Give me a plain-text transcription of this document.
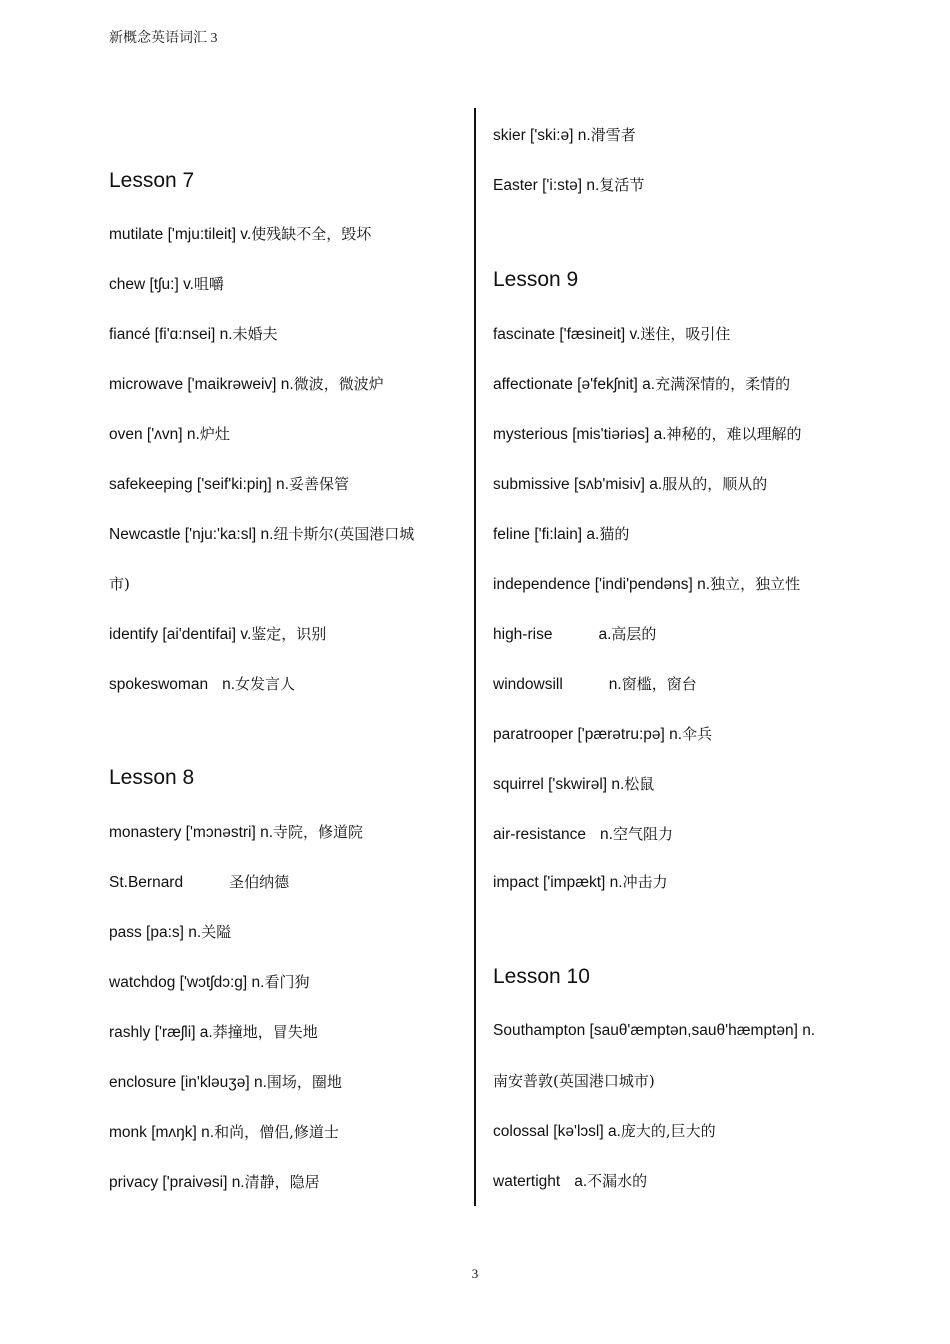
新概念英语词汇 3
Lesson 7
mutilate ['mju:tileit] v.使残缺不全，毁坏
chew [tʃu:] v.咀嚼
fiancé [fi'ɑ:nsei] n.未婚夫
microwave ['maikrəweiv] n.微波，微波炉
oven ['ʌvn] n.炉灶
safekeeping ['seif'ki:piŋ] n.妥善保管
Newcastle ['nju:'ka:sl] n.纽卡斯尔(英国港口城
市)
identify [ai'dentifai] v.鉴定，识别
spokeswoman n.女发言人
Lesson 8
monastery ['mɔnəstri] n.寺院，修道院
St.Bernard	圣伯纳德
pass [pa:s] n.关隘
watchdog ['wɔtʃdɔ:g] n.看门狗
rashly ['ræʃli] a.莽撞地，冒失地
enclosure [in'kləuʒə] n.围场，圈地
monk [mʌŋk] n.和尚，僧侣,修道士
privacy ['praivəsi] n.清静，隐居
skier ['ski:ə] n.滑雪者
Easter ['i:stə] n.复活节
Lesson 9
fascinate ['fæsineit] v.迷住，吸引住
affectionate [ə'fekʃnit] a.充满深情的，柔情的
mysterious [mis'tiəriəs] a.神秘的，难以理解的
submissive [sʌb'misiv] a.服从的，顺从的
feline ['fi:lain] a.猫的
independence ['indi'pendəns] n.独立，独立性
high-rise	a.高层的
windowsill	n.窗槛，窗台
paratrooper ['pærətru:pə] n.伞兵
squirrel ['skwirəl] n.松鼠
air-resistance n.空气阻力
impact ['impækt] n.冲击力
Lesson 10
Southampton [sauθ'æmptən,sauθ'hæmptən] n.
南安普敦(英国港口城市)
colossal [kə'lɔsl] a.庞大的,巨大的
watertight a.不漏水的
3
